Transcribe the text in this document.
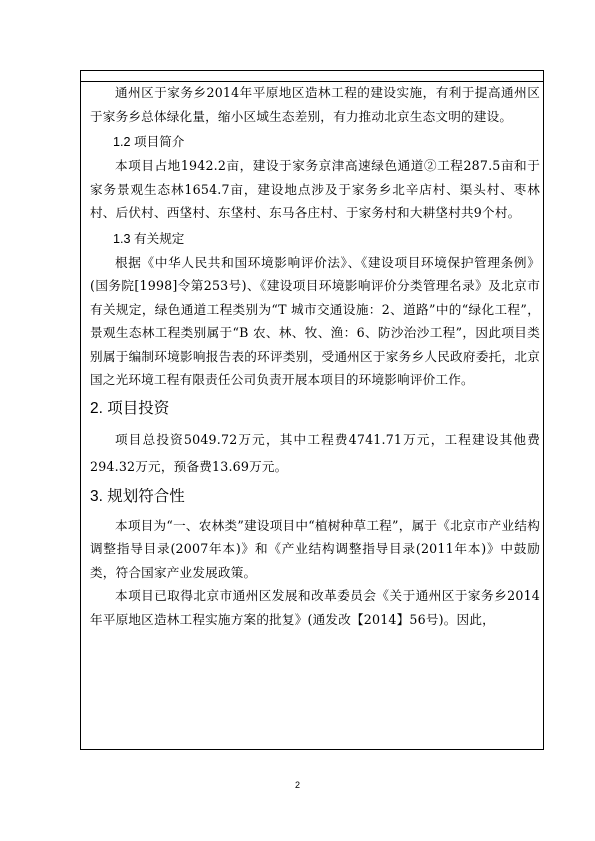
通州区于家务乡2014年平原地区造林工程的建设实施，有利于提高通州区于家务乡总体绿化量，缩小区域生态差别，有力推动北京生态文明的建设。

1.2 项目简介

本项目占地1942.2亩，建设于家务京津高速绿色通道②工程287.5亩和于家务景观生态林1654.7亩，建设地点涉及于家务乡北辛店村、渠头村、枣林村、后伏村、西垡村、东垡村、东马各庄村、于家务村和大耕垡村共9个村。

1.3 有关规定

根据《中华人民共和国环境影响评价法》、《建设项目环境保护管理条例》(国务院[1998]令第253号)、《建设项目环境影响评价分类管理名录》及北京市有关规定，绿色通道工程类别为“T 城市交通设施：2、道路”中的“绿化工程”，景观生态林工程类别属于“B 农、林、牧、渔：6、防沙治沙工程”，因此项目类别属于编制环境影响报告表的环评类别，受通州区于家务乡人民政府委托，北京国之光环境工程有限责任公司负责开展本项目的环境影响评价工作。

2. 项目投资

项目总投资5049.72万元，其中工程费4741.71万元，工程建设其他费294.32万元，预备费13.69万元。

3. 规划符合性

本项目为“一、农林类”建设项目中“植树种草工程”，属于《北京市产业结构调整指导目录(2007年本)》和《产业结构调整指导目录(2011年本)》中鼓励类，符合国家产业发展政策。

本项目已取得北京市通州区发展和改革委员会《关于通州区于家务乡2014年平原地区造林工程实施方案的批复》(通发改【2014】56号)。因此，

2
